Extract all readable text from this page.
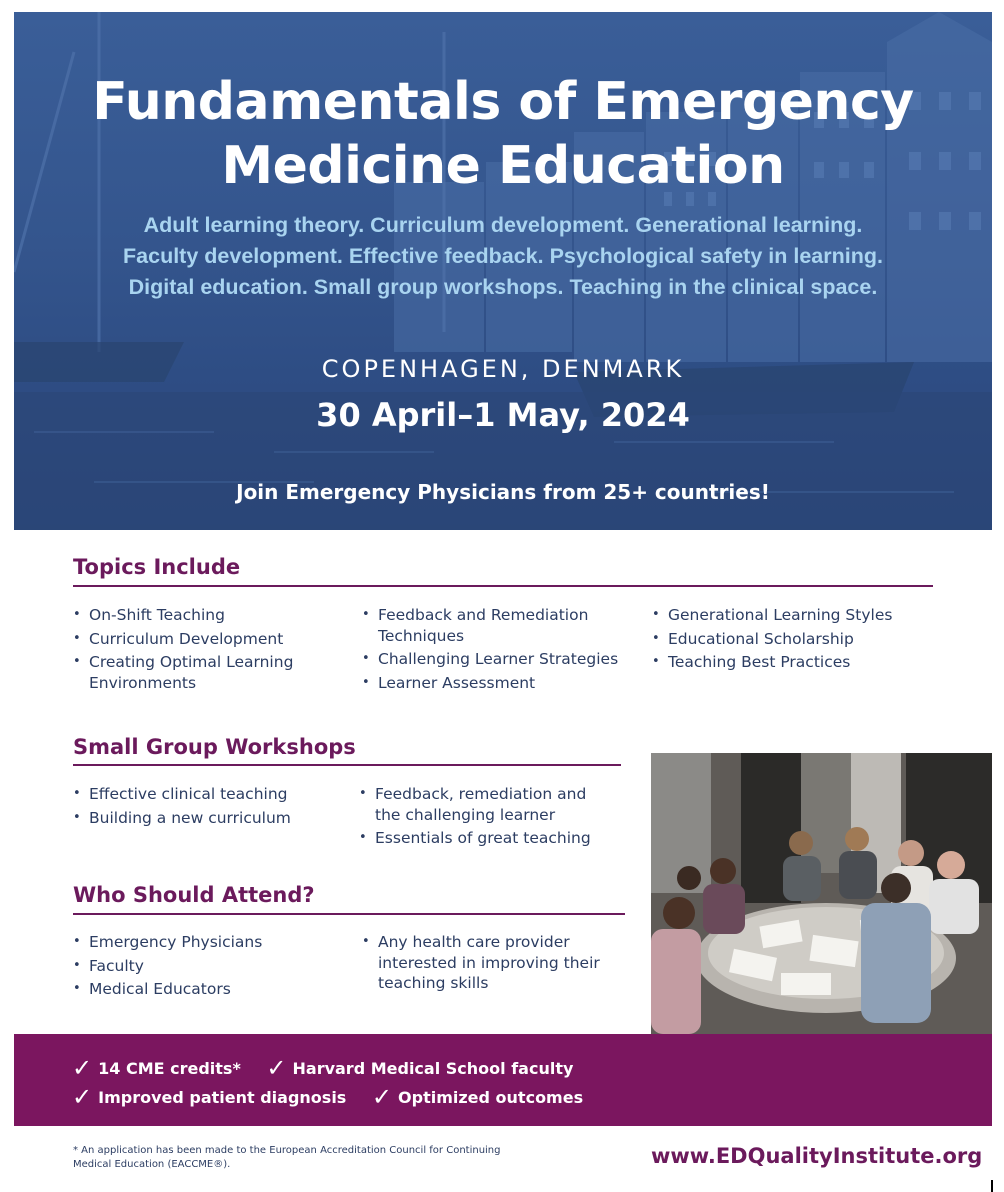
Fundamentals of Emergency
Medicine Education
Adult learning theory. Curriculum development. Generational learning.
Faculty development. Effective feedback. Psychological safety in learning.
Digital education. Small group workshops. Teaching in the clinical space.
COPENHAGEN, DENMARK
30 April–1 May, 2024
Join Emergency Physicians from 25+ countries!
Topics Include
• On-Shift Teaching
• Curriculum Development
• Creating Optimal Learning Environments
• Feedback and Remediation Techniques
• Challenging Learner Strategies
• Learner Assessment
• Generational Learning Styles
• Educational Scholarship
• Teaching Best Practices
Small Group Workshops
• Effective clinical teaching
• Building a new curriculum
• Feedback, remediation and the challenging learner
• Essentials of great teaching
Who Should Attend?
• Emergency Physicians
• Faculty
• Medical Educators
• Any health care provider interested in improving their teaching skills
✓ 14 CME credits* ✓ Harvard Medical School faculty
✓ Improved patient diagnosis ✓ Optimized outcomes
* An application has been made to the European Accreditation Council for Continuing Medical Education (EACCME®).	www.EDQualityInstitute.org
